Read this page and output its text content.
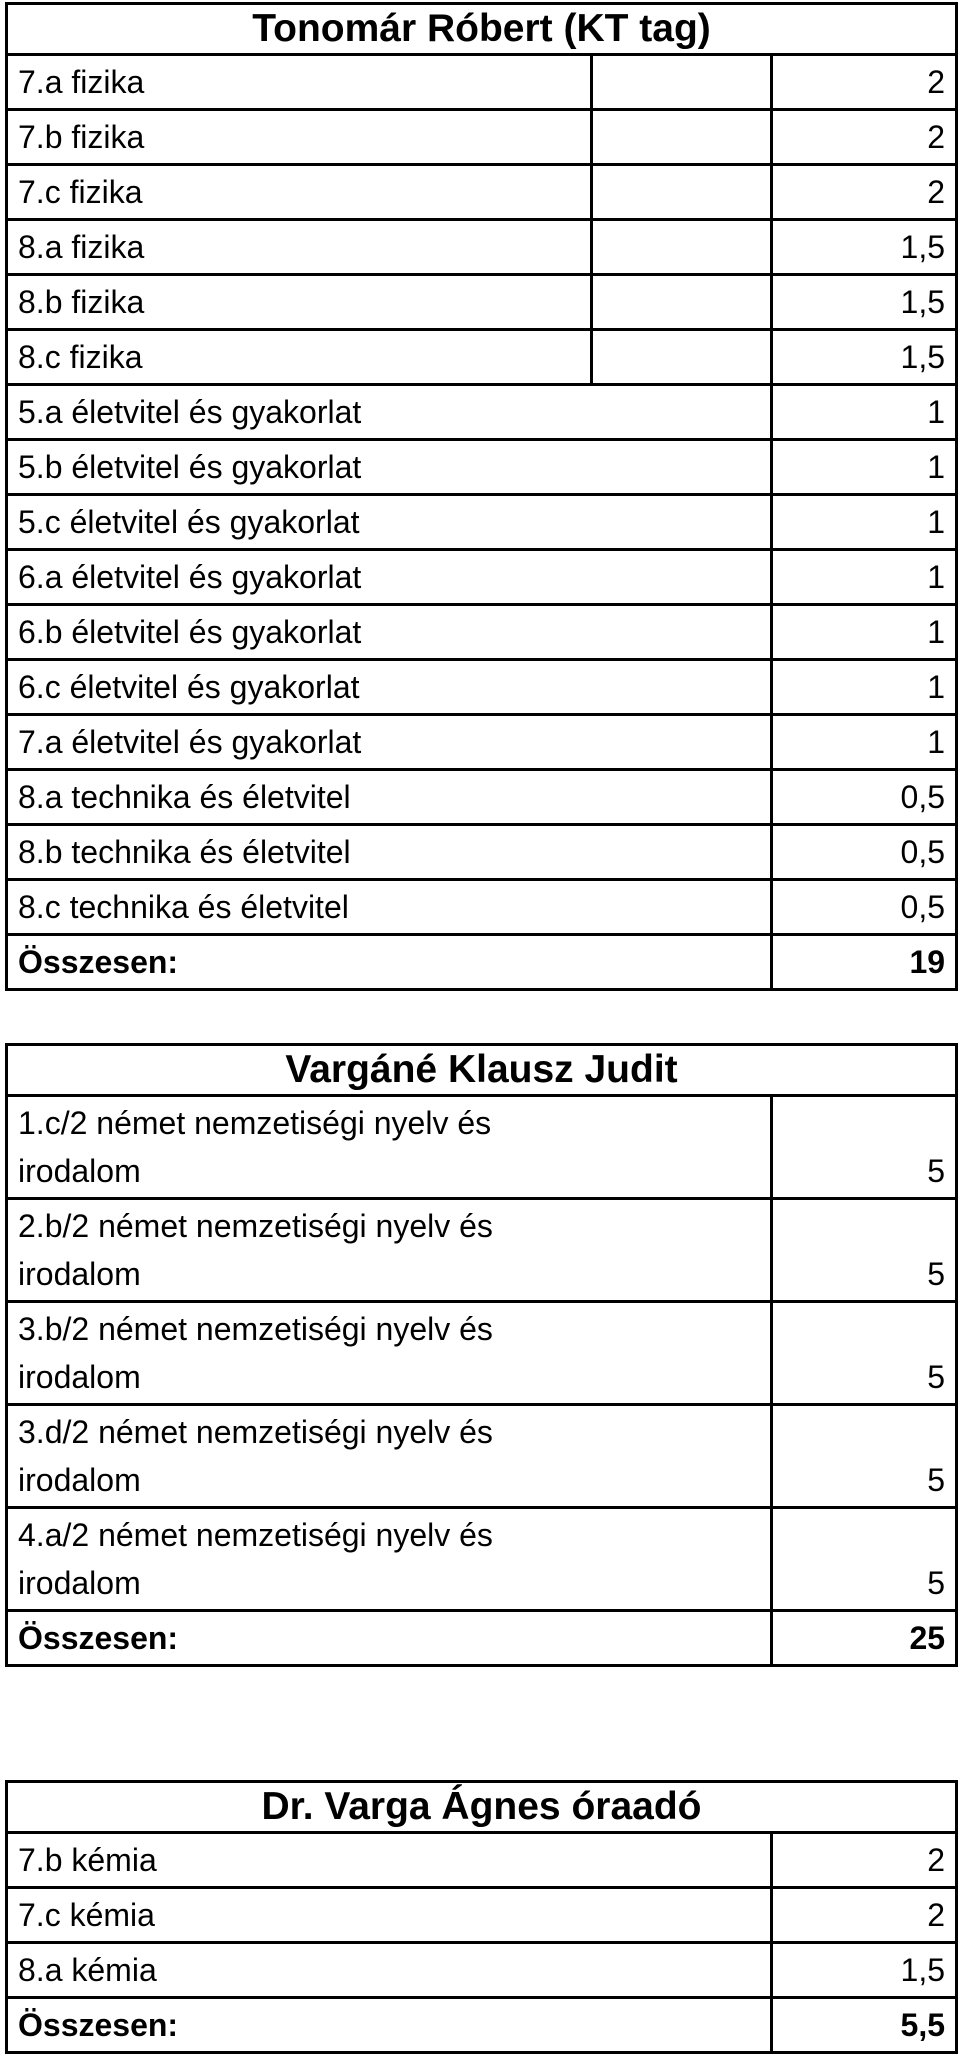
Tonomár Róbert (KT tag)		
7.a fizika		2
7.b fizika		2
7.c fizika		2
8.a fizika		1,5
8.b fizika		1,5
8.c fizika		1,5
5.a életvitel és gyakorlat		1
5.b életvitel és gyakorlat		1
5.c életvitel és gyakorlat		1
6.a életvitel és gyakorlat		1
6.b életvitel és gyakorlat		1
6.c életvitel és gyakorlat		1
7.a életvitel és gyakorlat		1
8.a technika és életvitel		0,5
8.b technika és életvitel		0,5
8.c technika és életvitel		0,5
Összesen:		19
Vargáné Klausz Judit		
1.c/2 német nemzetiségi nyelv és irodalom		5
2.b/2 német nemzetiségi nyelv és irodalom		5
3.b/2 német nemzetiségi nyelv és irodalom		5
3.d/2 német nemzetiségi nyelv és irodalom		5
4.a/2 német nemzetiségi nyelv és irodalom		5
Összesen:		25
Dr. Varga Ágnes óraadó		
7.b kémia		2
7.c kémia		2
8.a kémia		1,5
Összesen:		5,5
